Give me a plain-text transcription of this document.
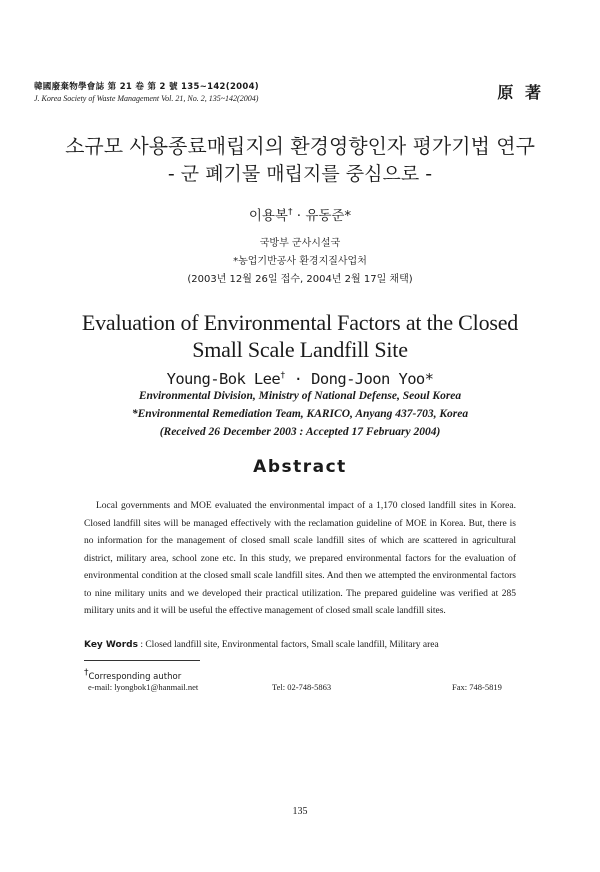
韓國廢棄物學會誌 第 21 卷 第 2 號 135~142(2004)
J. Korea Society of Waste Management Vol. 21, No. 2, 135~142(2004)	原 著
소규모 사용종료매립지의 환경영향인자 평가기법 연구
- 군 폐기물 매립지를 중심으로 -
이용복† · 유동준*
국방부 군사시설국
*농업기반공사 환경지질사업처
(2003년 12월 26일 접수, 2004년 2월 17일 채택)
Evaluation of Environmental Factors at the Closed
Small Scale Landfill Site
Young-Bok Lee† · Dong-Joon Yoo*
Environmental Division, Ministry of National Defense, Seoul Korea
*Environmental Remediation Team, KARICO, Anyang 437-703, Korea
(Received 26 December 2003 : Accepted 17 February 2004)
Abstract

Local governments and MOE evaluated the environmental impact of a 1,170 closed landfill sites in Korea. Closed landfill sites will be managed effectively with the reclamation guideline of MOE in Korea. But, there is no information for the management of closed small scale landfill sites of which are scattered in agricultural district, military area, school zone etc. In this study, we prepared environmental factors for the evaluation of environmental condition at the closed small scale landfill sites. And then we attempted the environmental factors to nine military units and we developed their practical utilization. The prepared guideline was verified at 285 military units and it will be useful the effective management of closed small scale landfill sites.

Key Words : Closed landfill site, Environmental factors, Small scale landfill, Military area
†Corresponding author
e-mail: lyongbok1@hanmail.net	Tel: 02-748-5863	Fax: 748-5819
135
